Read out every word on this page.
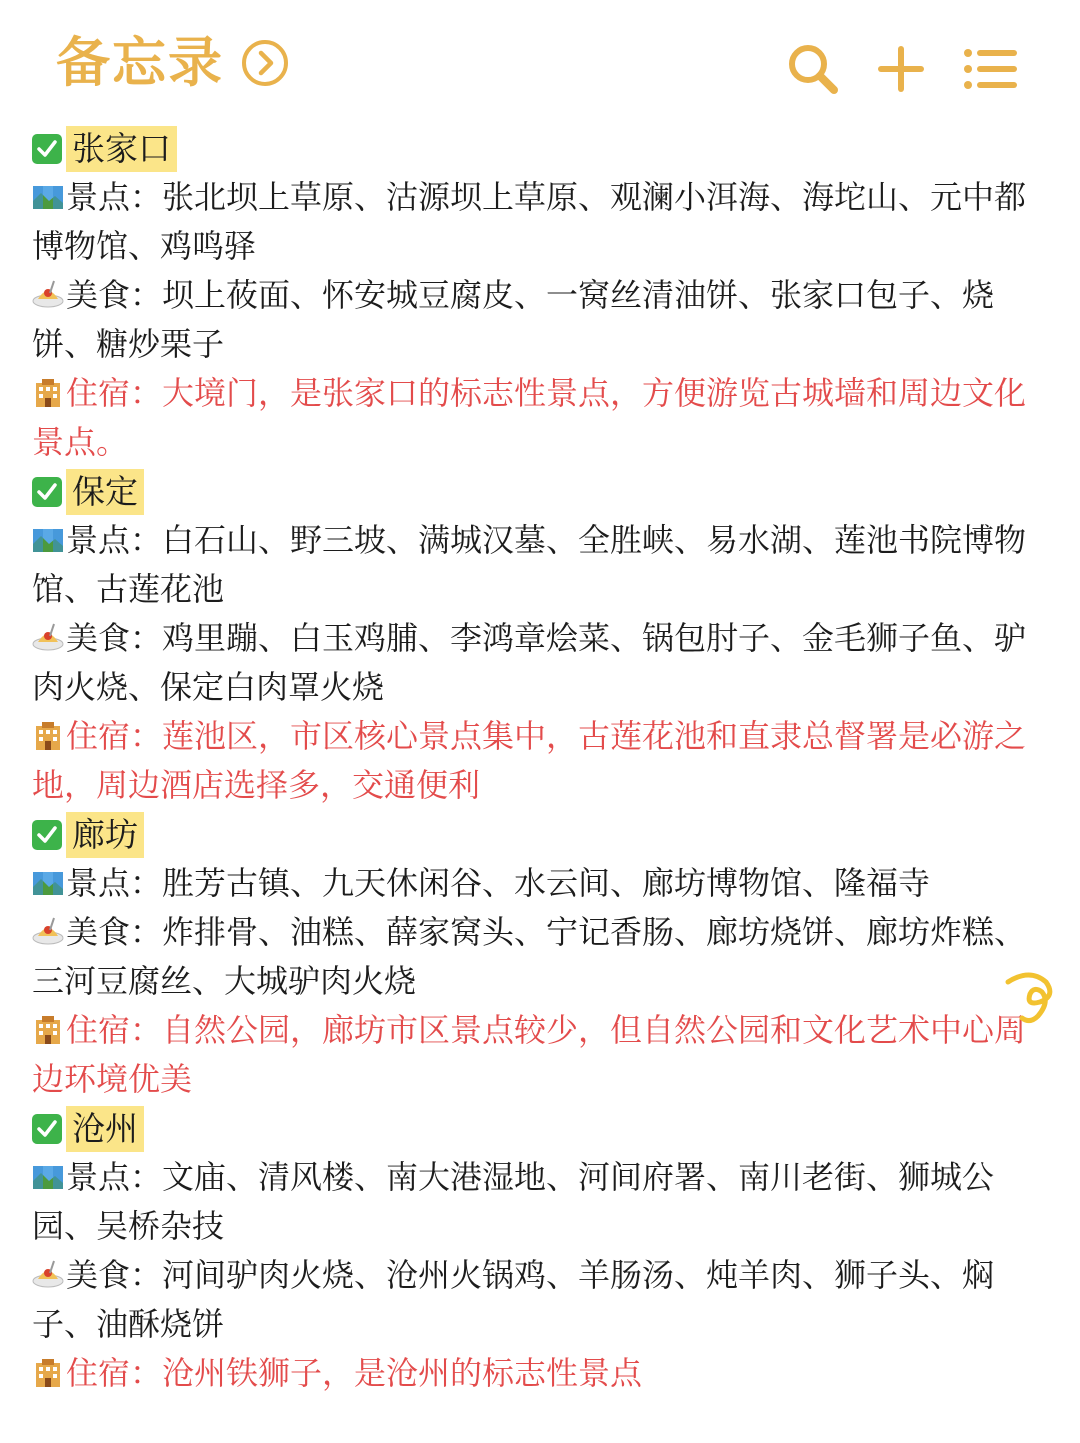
备忘录
张家口
景点：张北坝上草原、沽源坝上草原、观澜小洱海、海坨山、元中都博物馆、鸡鸣驿
美食：坝上莜面、怀安城豆腐皮、一窝丝清油饼、张家口包子、烧饼、糖炒栗子
住宿：大境门，是张家口的标志性景点，方便游览古城墙和周边文化景点。
保定
景点：白石山、野三坡、满城汉墓、全胜峡、易水湖、莲池书院博物馆、古莲花池
美食：鸡里蹦、白玉鸡脯、李鸿章烩菜、锅包肘子、金毛狮子鱼、驴肉火烧、保定白肉罩火烧
住宿：莲池区，市区核心景点集中，古莲花池和直隶总督署是必游之地，周边酒店选择多，交通便利
廊坊
景点：胜芳古镇、九天休闲谷、水云间、廊坊博物馆、隆福寺
美食：炸排骨、油糕、薛家窝头、宁记香肠、廊坊烧饼、廊坊炸糕、三河豆腐丝、大城驴肉火烧
住宿：自然公园，廊坊市区景点较少，但自然公园和文化艺术中心周边环境优美
沧州
景点：文庙、清风楼、南大港湿地、河间府署、南川老街、狮城公园、吴桥杂技
美食：河间驴肉火烧、沧州火锅鸡、羊肠汤、炖羊肉、狮子头、焖子、油酥烧饼
住宿：沧州铁狮子，是沧州的标志性景点
